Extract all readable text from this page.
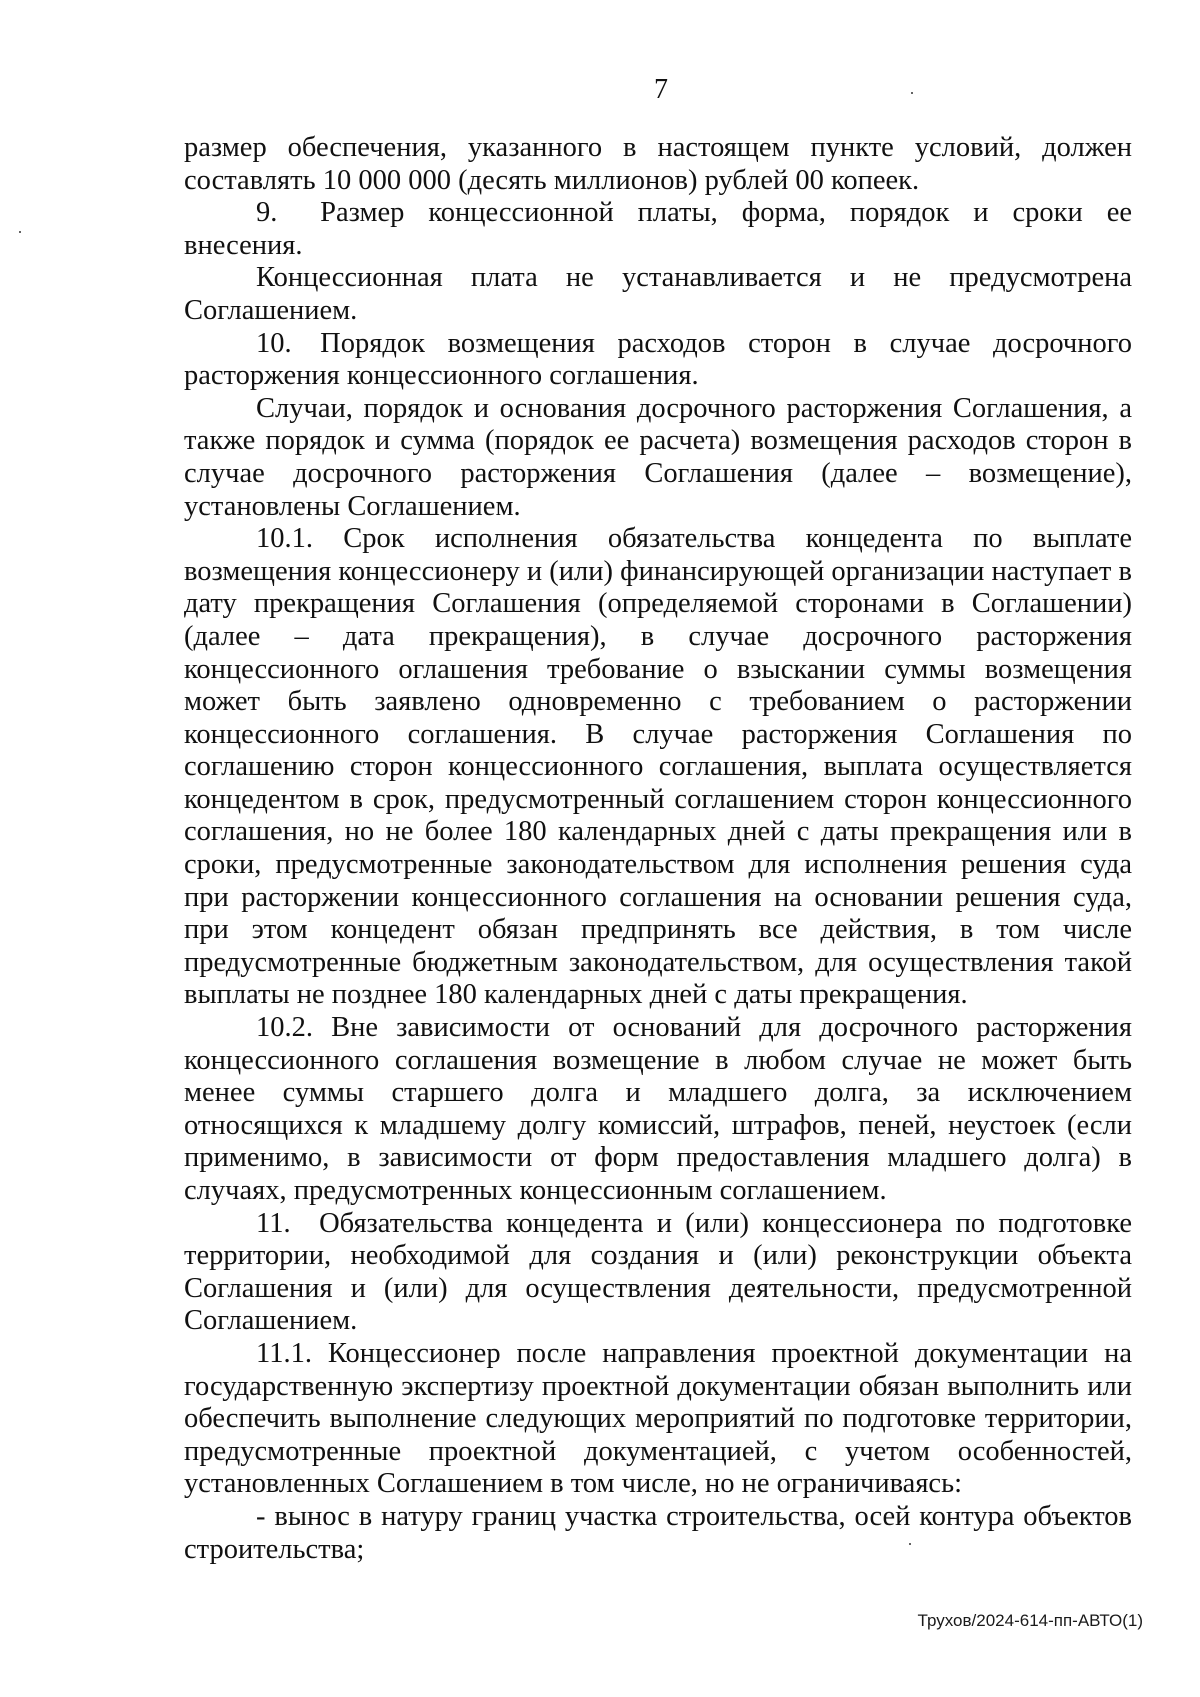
7

размер обеспечения, указанного в настоящем пункте условий, должен составлять 10 000 000 (десять миллионов) рублей 00 копеек.

9.  Размер концессионной платы, форма, порядок и сроки ее внесения.

Концессионная плата не устанавливается и не предусмотрена Соглашением.

10. Порядок возмещения расходов сторон в случае досрочного расторжения концессионного соглашения.

Случаи, порядок и основания досрочного расторжения Соглашения, а также порядок и сумма (порядок ее расчета) возмещения расходов сторон в случае досрочного расторжения Соглашения (далее – возмещение), установлены Соглашением.

10.1. Срок исполнения обязательства концедента по выплате возмещения концессионеру и (или) финансирующей организации наступает в дату прекращения Соглашения (определяемой сторонами в Соглашении) (далее – дата прекращения), в случае досрочного расторжения концессионного оглашения требование о взыскании суммы возмещения может быть заявлено одновременно с требованием о расторжении концессионного соглашения. В случае расторжения Соглашения по соглашению сторон концессионного соглашения, выплата осуществляется концедентом в срок, предусмотренный соглашением сторон концессионного соглашения, но не более 180 календарных дней с даты прекращения или в сроки, предусмотренные законодательством для исполнения решения суда при расторжении концессионного соглашения на основании решения суда, при этом концедент обязан предпринять все действия, в том числе предусмотренные бюджетным законодательством, для осуществления такой выплаты не позднее 180 календарных дней с даты прекращения.

10.2. Вне зависимости от оснований для досрочного расторжения концессионного соглашения возмещение в любом случае не может быть менее суммы старшего долга и младшего долга, за исключением относящихся к младшему долгу комиссий, штрафов, пеней, неустоек (если применимо, в зависимости от форм предоставления младшего долга) в случаях, предусмотренных концессионным соглашением.

11. Обязательства концедента и (или) концессионера по подготовке территории, необходимой для создания и (или) реконструкции объекта Соглашения и (или) для осуществления деятельности, предусмотренной Соглашением.

11.1. Концессионер после направления проектной документации на государственную экспертизу проектной документации обязан выполнить или обеспечить выполнение следующих мероприятий по подготовке территории, предусмотренные проектной документацией, с учетом особенностей, установленных Соглашением в том числе, но не ограничиваясь:

- вынос в натуру границ участка строительства, осей контура объектов строительства;

Трухов/2024-614-пп-АВТО(1)
